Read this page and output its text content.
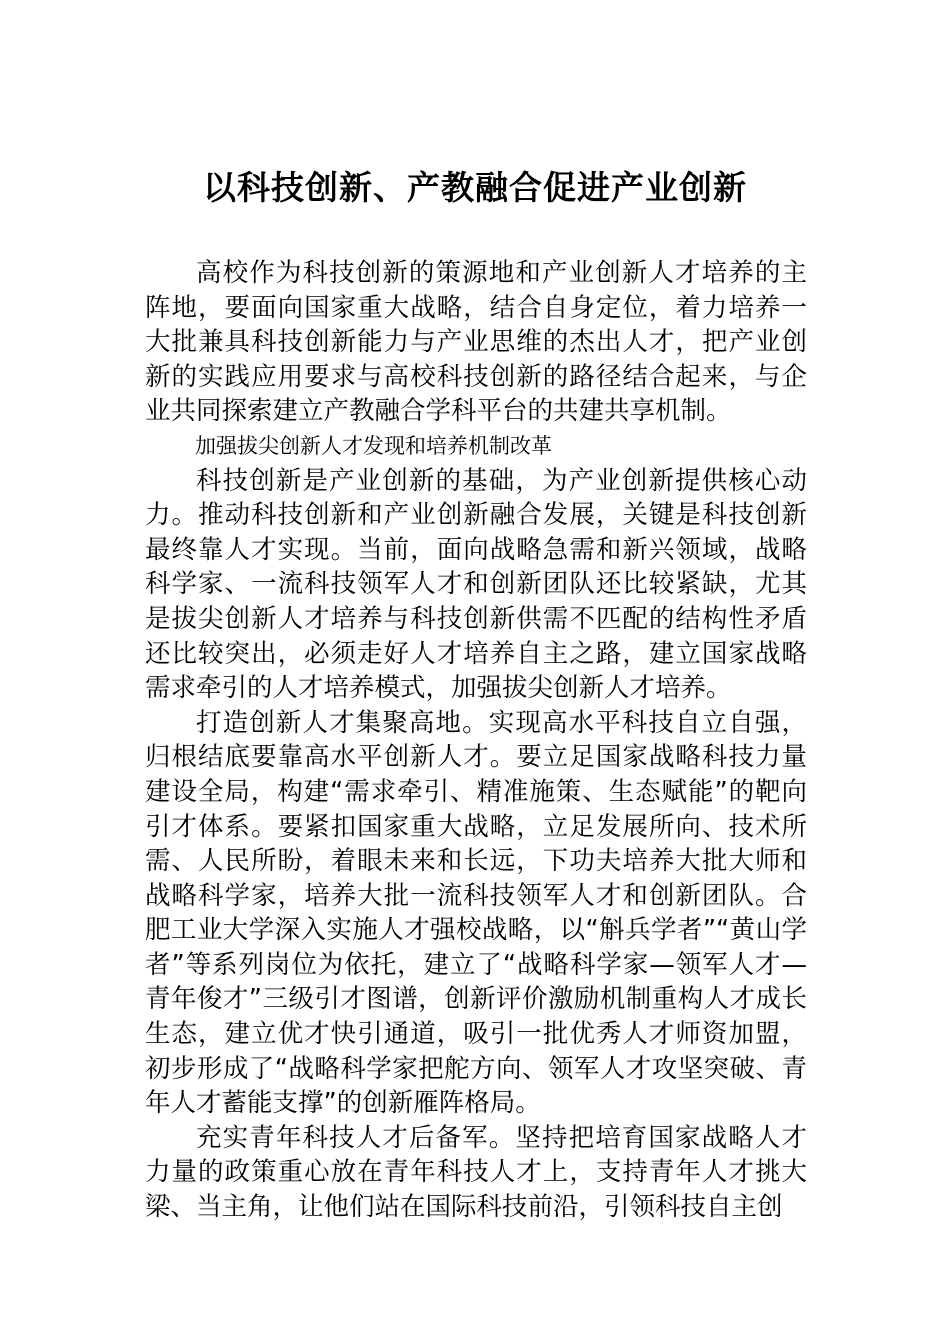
以科技创新、产教融合促进产业创新

高校作为科技创新的策源地和产业创新人才培养的主阵地，要面向国家重大战略，结合自身定位，着力培养一大批兼具科技创新能力与产业思维的杰出人才，把产业创新的实践应用要求与高校科技创新的路径结合起来，与企业共同探索建立产教融合学科平台的共建共享机制。

加强拔尖创新人才发现和培养机制改革

科技创新是产业创新的基础，为产业创新提供核心动力。推动科技创新和产业创新融合发展，关键是科技创新最终靠人才实现。当前，面向战略急需和新兴领域，战略科学家、一流科技领军人才和创新团队还比较紧缺，尤其是拔尖创新人才培养与科技创新供需不匹配的结构性矛盾还比较突出，必须走好人才培养自主之路，建立国家战略需求牵引的人才培养模式，加强拔尖创新人才培养。

打造创新人才集聚高地。实现高水平科技自立自强，归根结底要靠高水平创新人才。要立足国家战略科技力量建设全局，构建“需求牵引、精准施策、生态赋能”的靶向引才体系。要紧扣国家重大战略，立足发展所向、技术所需、人民所盼，着眼未来和长远，下功夫培养大批大师和战略科学家，培养大批一流科技领军人才和创新团队。合肥工业大学深入实施人才强校战略，以“斛兵学者”“黄山学者”等系列岗位为依托，建立了“战略科学家—领军人才—青年俊才”三级引才图谱，创新评价激励机制重构人才成长生态，建立优才快引通道，吸引一批优秀人才师资加盟，初步形成了“战略科学家把舵方向、领军人才攻坚突破、青年人才蓄能支撑”的创新雁阵格局。

充实青年科技人才后备军。坚持把培育国家战略人才力量的政策重心放在青年科技人才上，支持青年人才挑大梁、当主角，让他们站在国际科技前沿，引领科技自主创
